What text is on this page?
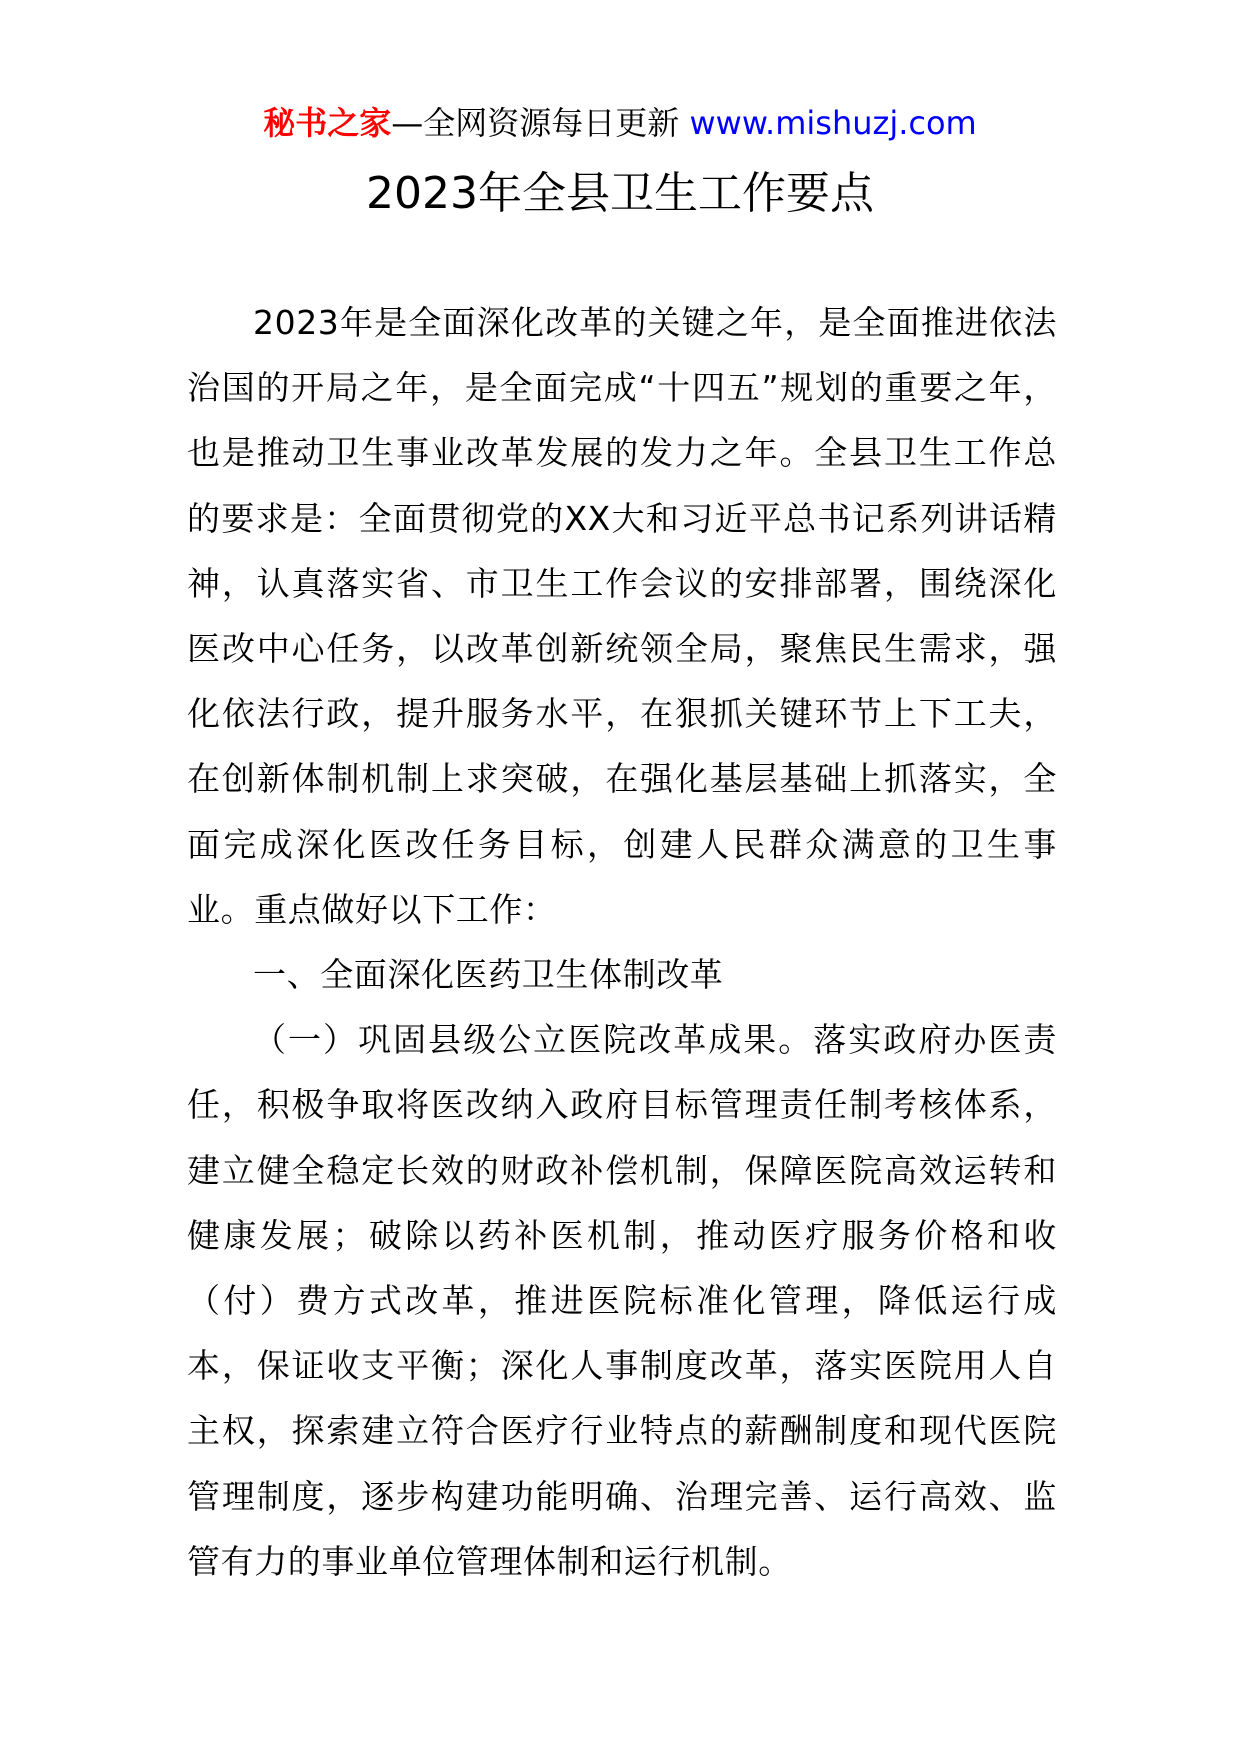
秘书之家—全网资源每日更新 www.mishuzj.com
2023年全县卫生工作要点

2023年是全面深化改革的关键之年，是全面推进依法治国的开局之年，是全面完成“十四五”规划的重要之年，也是推动卫生事业改革发展的发力之年。全县卫生工作总的要求是：全面贯彻党的XX大和习近平总书记系列讲话精神，认真落实省、市卫生工作会议的安排部署，围绕深化医改中心任务，以改革创新统领全局，聚焦民生需求，强化依法行政，提升服务水平，在狠抓关键环节上下工夫，在创新体制机制上求突破，在强化基层基础上抓落实，全面完成深化医改任务目标，创建人民群众满意的卫生事业。重点做好以下工作：

一、全面深化医药卫生体制改革

（一）巩固县级公立医院改革成果。落实政府办医责任，积极争取将医改纳入政府目标管理责任制考核体系，建立健全稳定长效的财政补偿机制，保障医院高效运转和健康发展；破除以药补医机制，推动医疗服务价格和收（付）费方式改革，推进医院标准化管理，降低运行成本，保证收支平衡；深化人事制度改革，落实医院用人自主权，探索建立符合医疗行业特点的薪酬制度和现代医院管理制度，逐步构建功能明确、治理完善、运行高效、监管有力的事业单位管理体制和运行机制。
